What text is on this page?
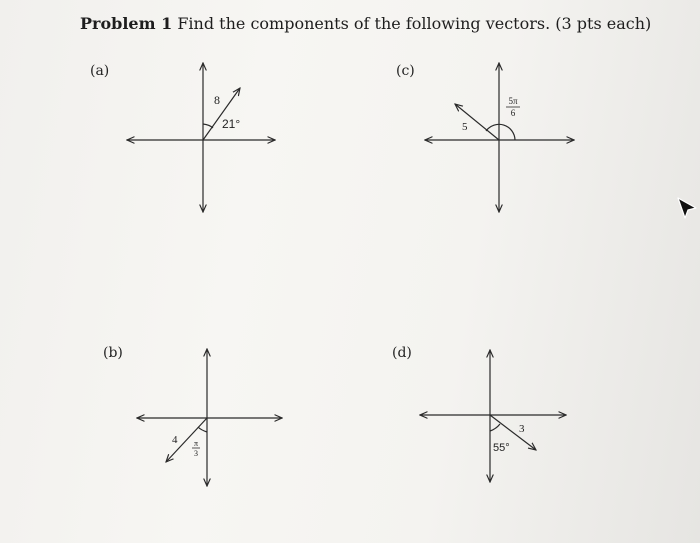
Problem 1 Find the components of the following vectors. (3 pts each)
(a)	(c)
(b)	(d)
8
21°	5
5π
6
4 π
3
3
55°
